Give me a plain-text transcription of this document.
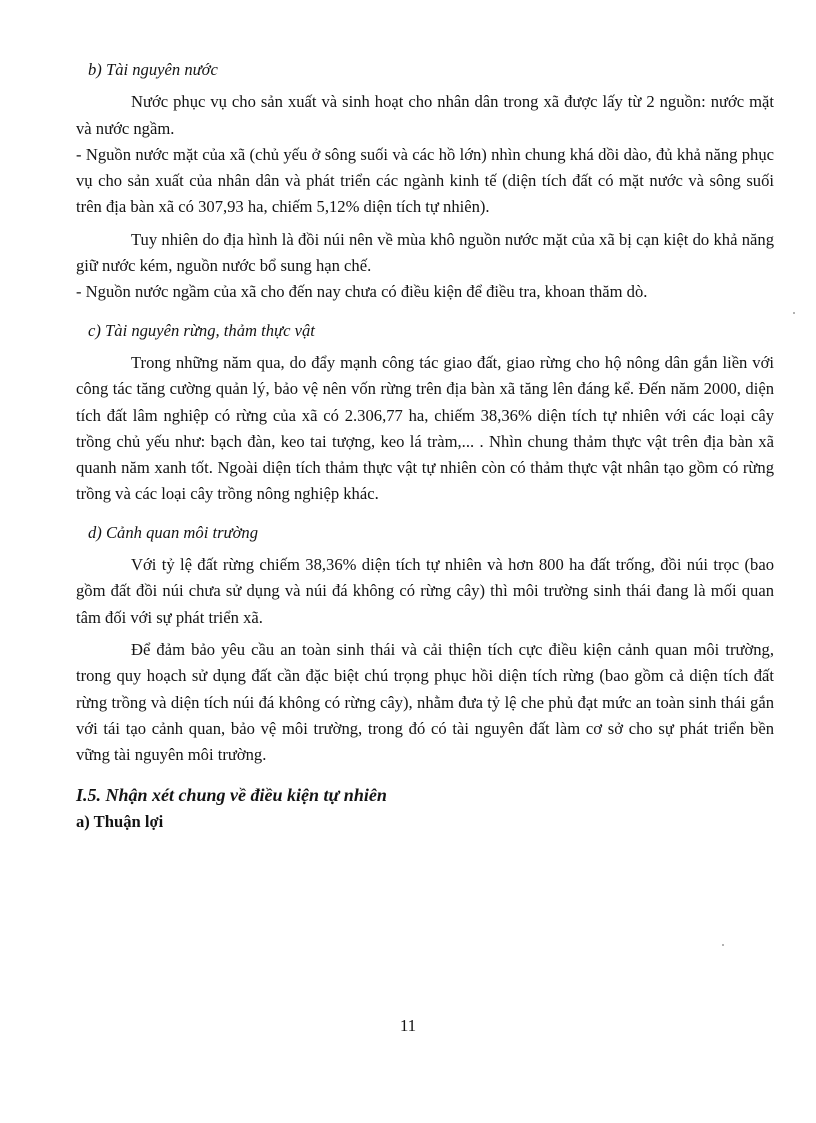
b) Tài nguyên nước

Nước phục vụ cho sản xuất và sinh hoạt cho nhân dân trong xã được lấy từ 2 nguồn: nước mặt và nước ngầm.

- Nguồn nước mặt của xã (chủ yếu ở sông suối và các hồ lớn) nhìn chung khá dồi dào, đủ khả năng phục vụ cho sản xuất của nhân dân và phát triển các ngành kinh tế (diện tích đất có mặt nước và sông suối trên địa bàn xã có 307,93 ha, chiếm 5,12% diện tích tự nhiên).

Tuy nhiên do địa hình là đồi núi nên về mùa khô nguồn nước mặt của xã bị cạn kiệt do khả năng giữ nước kém, nguồn nước bổ sung hạn chế.

- Nguồn nước ngầm của xã cho đến nay chưa có điều kiện để điều tra, khoan thăm dò.

c) Tài nguyên rừng, thảm thực vật

Trong những năm qua, do đẩy mạnh công tác giao đất, giao rừng cho hộ nông dân gắn liền với công tác tăng cường quản lý, bảo vệ nên vốn rừng trên địa bàn xã tăng lên đáng kể. Đến năm 2000, diện tích đất lâm nghiệp có rừng của xã có 2.306,77 ha, chiếm 38,36% diện tích tự nhiên với các loại cây trồng chủ yếu như: bạch đàn, keo tai tượng, keo lá tràm,... . Nhìn chung thảm thực vật trên địa bàn xã quanh năm xanh tốt. Ngoài diện tích thảm thực vật tự nhiên còn có thảm thực vật nhân tạo gồm có rừng trồng và các loại cây trồng nông nghiệp khác.

d) Cảnh quan môi trường

Với tỷ lệ đất rừng chiếm 38,36% diện tích tự nhiên và hơn 800 ha đất trống, đồi núi trọc (bao gồm đất đồi núi chưa sử dụng và núi đá không có rừng cây) thì môi trường sinh thái đang là mối quan tâm đối với sự phát triển xã.

Để đảm bảo yêu cầu an toàn sinh thái và cải thiện tích cực điều kiện cảnh quan môi trường, trong quy hoạch sử dụng đất cần đặc biệt chú trọng phục hồi diện tích rừng (bao gồm cả diện tích đất rừng trồng và diện tích núi đá không có rừng cây), nhằm đưa tỷ lệ che phủ đạt mức an toàn sinh thái gắn với tái tạo cảnh quan, bảo vệ môi trường, trong đó có tài nguyên đất làm cơ sở cho sự phát triển bền vững tài nguyên môi trường.

I.5. Nhận xét chung về điều kiện tự nhiên

a) Thuận lợi

11
